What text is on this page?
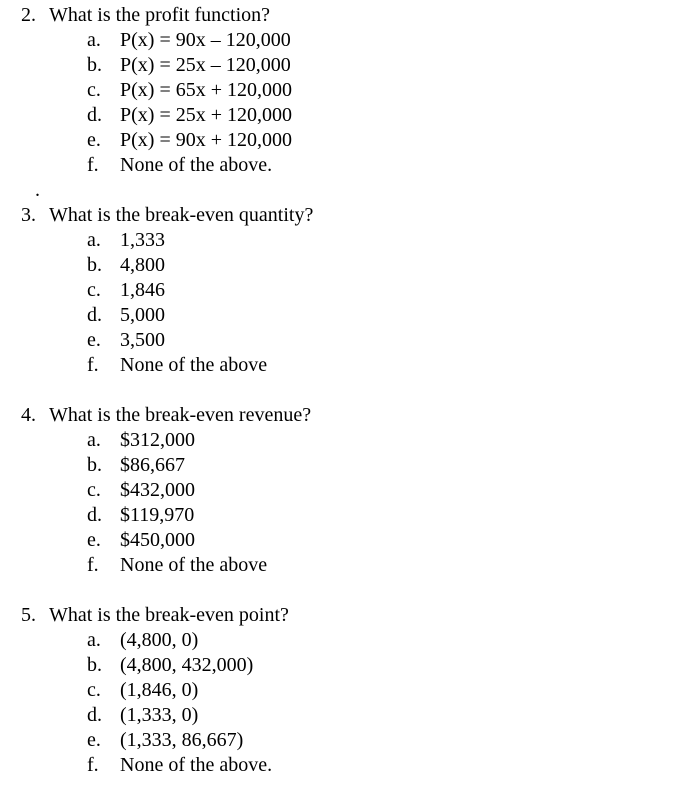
2. What is the profit function?
a. P(x) = 90x – 120,000
b. P(x) = 25x – 120,000
c. P(x) = 65x + 120,000
d. P(x) = 25x + 120,000
e. P(x) = 90x + 120,000
f.	None of the above.
.
3. What is the break-even quantity?
a. 1,333
b. 4,800
c. 1,846
d. 5,000
e. 3,500
f.	None of the above
4. What is the break-even revenue?
a. $312,000
b. $86,667
c. $432,000
d. $119,970
e. $450,000
f.	None of the above
5. What is the break-even point?
a. (4,800, 0)
b. (4,800, 432,000)
c. (1,846, 0)
d. (1,333, 0)
e. (1,333, 86,667)
f.	None of the above.
